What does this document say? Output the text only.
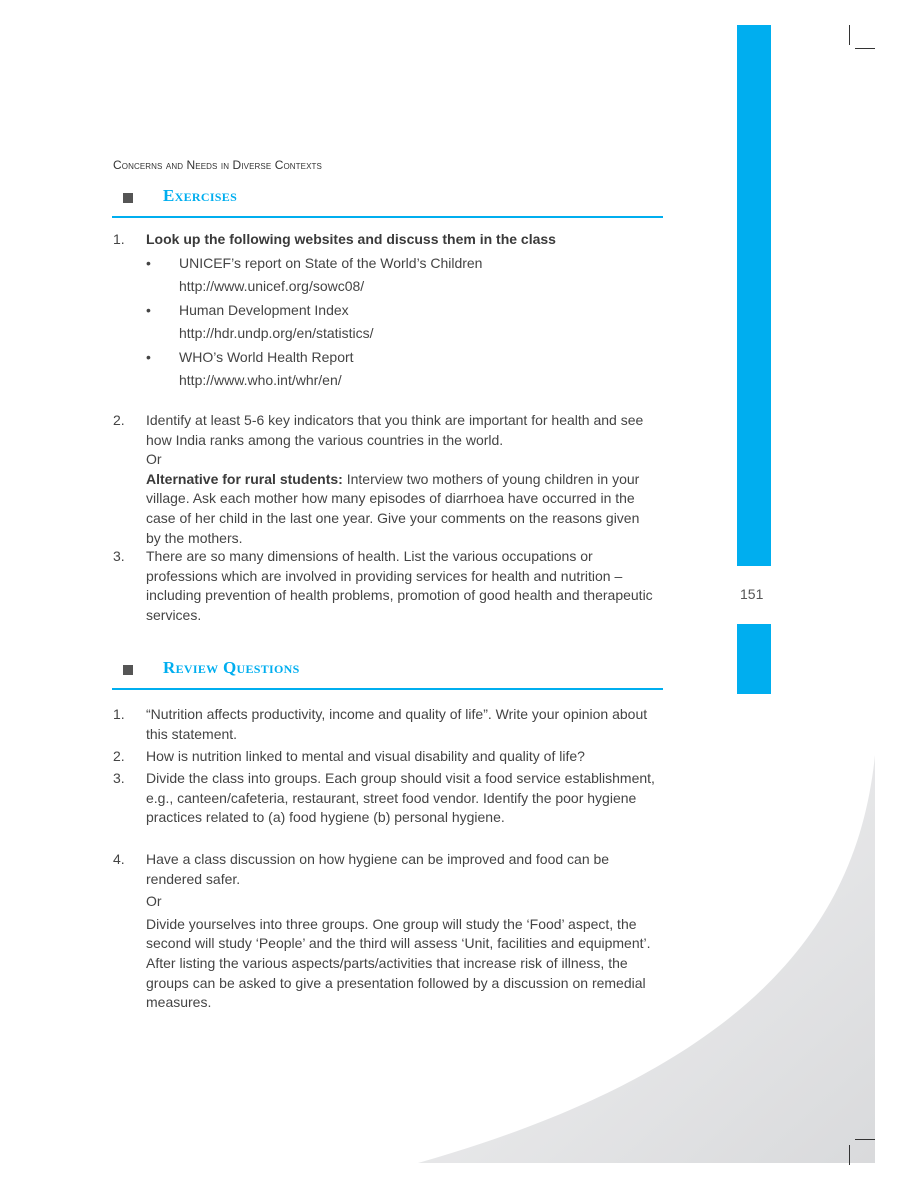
151
Concerns and Needs in Diverse Contexts
Exercises
1. Look up the following websites and discuss them in the class
• UNICEF’s report on State of the World’s Children
http://www.unicef.org/sowc08/
• Human Development Index
http://hdr.undp.org/en/statistics/
• WHO’s World Health Report
http://www.who.int/whr/en/
2. Identify at least 5-6 key indicators that you think are important for health and see how India ranks among the various countries in the world.
Or
Alternative for rural students: Interview two mothers of young children in your village. Ask each mother how many episodes of diarrhoea have occurred in the case of her child in the last one year. Give your comments on the reasons given by the mothers.
3. There are so many dimensions of health. List the various occupations or professions which are involved in providing services for health and nutrition – including prevention of health problems, promotion of good health and therapeutic services.
Review Questions
1. “Nutrition affects productivity, income and quality of life”. Write your opinion about this statement.
2. How is nutrition linked to mental and visual disability and quality of life?
3. Divide the class into groups. Each group should visit a food service establishment, e.g., canteen/cafeteria, restaurant, street food vendor. Identify the poor hygiene practices related to (a) food hygiene (b) personal hygiene.
4. Have a class discussion on how hygiene can be improved and food can be rendered safer.
Or
Divide yourselves into three groups. One group will study the ‘Food’ aspect, the second will study ‘People’ and the third will assess ‘Unit, facilities and equipment’. After listing the various aspects/parts/activities that increase risk of illness, the groups can be asked to give a presentation followed by a discussion on remedial measures.
